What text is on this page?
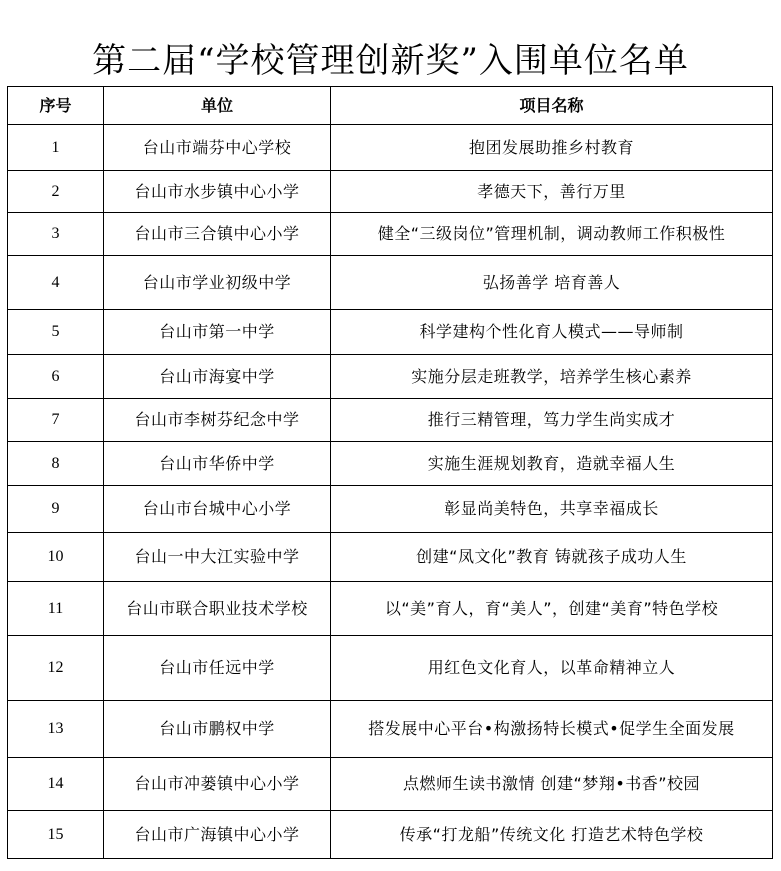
第二届“学校管理创新奖”入围单位名单
序号	单位	项目名称
1	台山市端芬中心学校	抱团发展助推乡村教育
2	台山市水步镇中心小学	孝德天下，善行万里
3	台山市三合镇中心小学	健全“三级岗位”管理机制，调动教师工作积极性
4	台山市学业初级中学	弘扬善学 培育善人
5	台山市第一中学	科学建构个性化育人模式——导师制
6	台山市海宴中学	实施分层走班教学，培养学生核心素养
7	台山市李树芬纪念中学	推行三精管理，笃力学生尚实成才
8	台山市华侨中学	实施生涯规划教育，造就幸福人生
9	台山市台城中心小学	彰显尚美特色，共享幸福成长
10	台山一中大江实验中学	创建“凤文化”教育 铸就孩子成功人生
11	台山市联合职业技术学校	以“美”育人，育“美人”，创建“美育”特色学校
12	台山市任远中学	用红色文化育人，以革命精神立人
13	台山市鹏权中学	搭发展中心平台•构激扬特长模式•促学生全面发展
14	台山市冲蒌镇中心小学	点燃师生读书激情 创建“梦翔•书香”校园
15	台山市广海镇中心小学	传承“打龙船”传统文化 打造艺术特色学校
